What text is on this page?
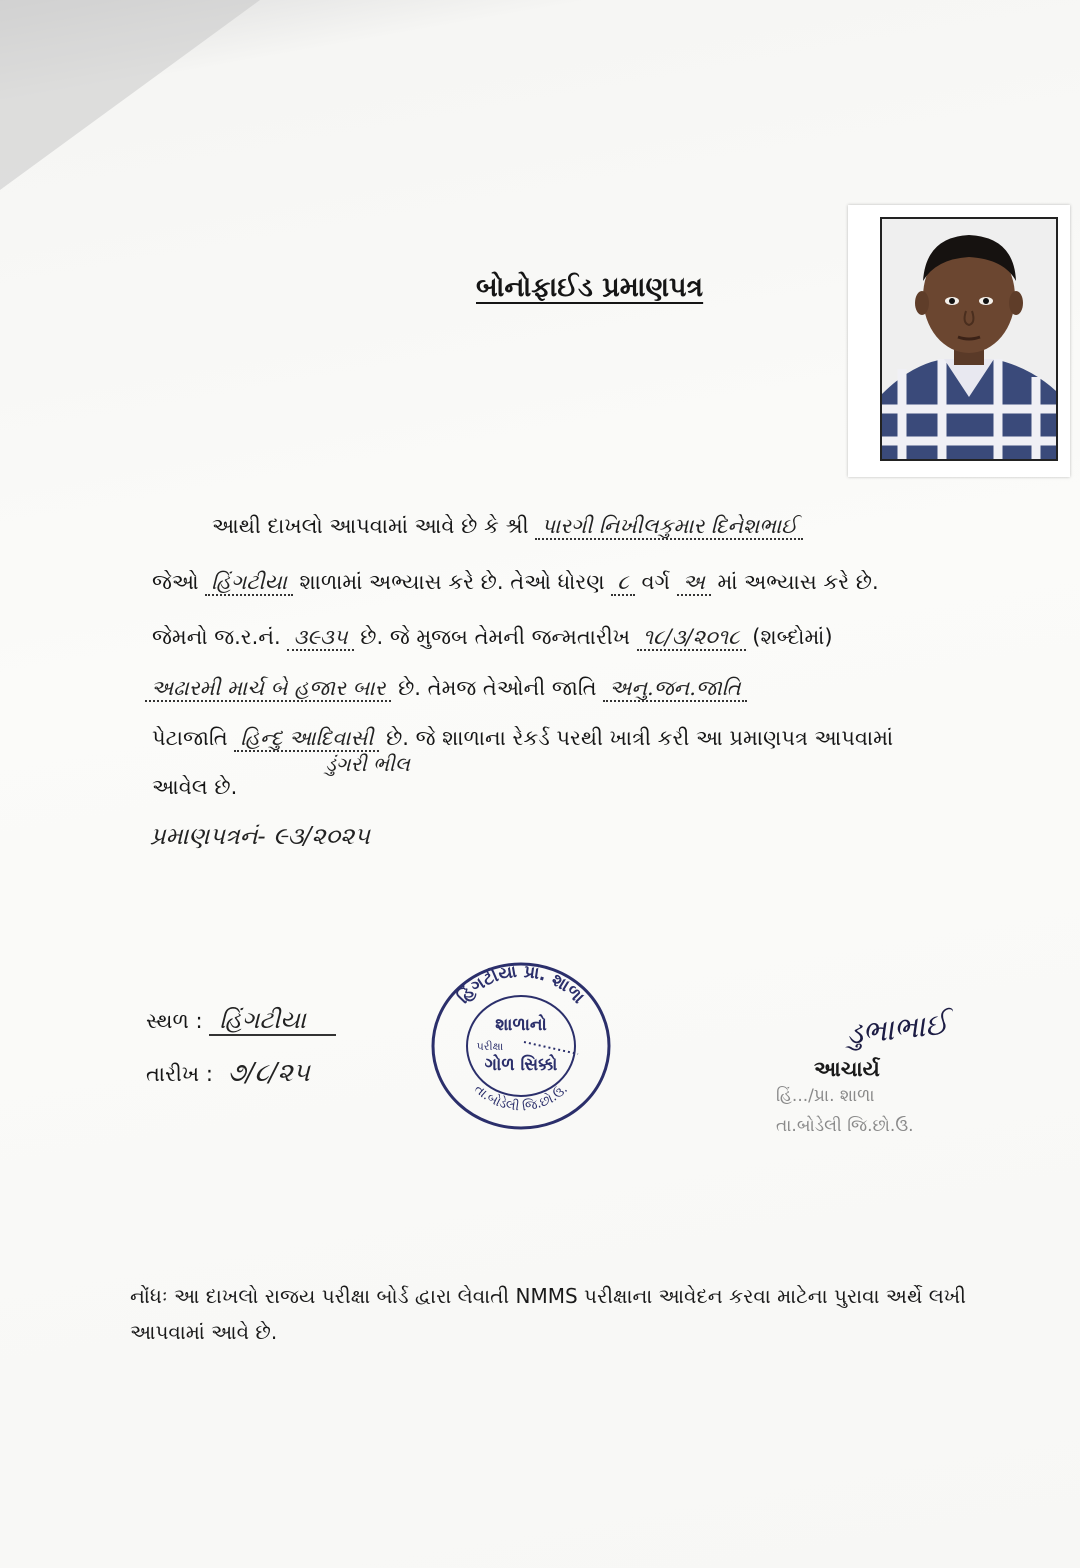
બોનોફાઈડ પ્રમાણપત્ર
આથી દાખલો આપવામાં આવે છે કે શ્રી પારગી નિખીલકુમાર દિનેશભાઈ
જેઓ હિંગટીયા શાળામાં અભ્યાસ કરે છે. તેઓ ધોરણ ૮ વર્ગ અ માં અભ્યાસ કરે છે.
જેમનો જ.ર.નં. ૩૯૩૫ છે. જે મુજબ તેમની જન્મતારીખ ૧૮/૩/૨૦૧૮ (શબ્દોમાં)
અઢારમી માર્ચ બે હજાર બાર છે. તેમજ તેઓની જાતિ અનુ.જન.જાતિ
પેટાજાતિ હિન્દુ આદિવાસી છે. જે શાળાના રેકર્ડ પરથી ખાત્રી કરી આ પ્રમાણપત્ર આપવામાં
ડુંગરી ભીલ
આવેલ છે.
પ્રમાણપત્રનં- ૯૩/૨૦૨૫
સ્થળ : હિંગટીયા
તારીખ : ૭/૮/૨૫
હિંગટીયા પ્રા. શાળા
તા.બોડેલી જિ.છો.ઉ.
શાળાનો
પરીક્ષા
ગોળ સિક્કો
ડુભાભાઈ
આચાર્ય
હિં.../પ્રા. શાળા
તા.બોડેલી જિ.છો.ઉ.
નોંધઃ આ દાખલો રાજય પરીક્ષા બોર્ડ દ્વારા લેવાતી NMMS પરીક્ષાના આવેદન કરવા માટેના પુરાવા અર્થે લખી આપવામાં આવે છે.
